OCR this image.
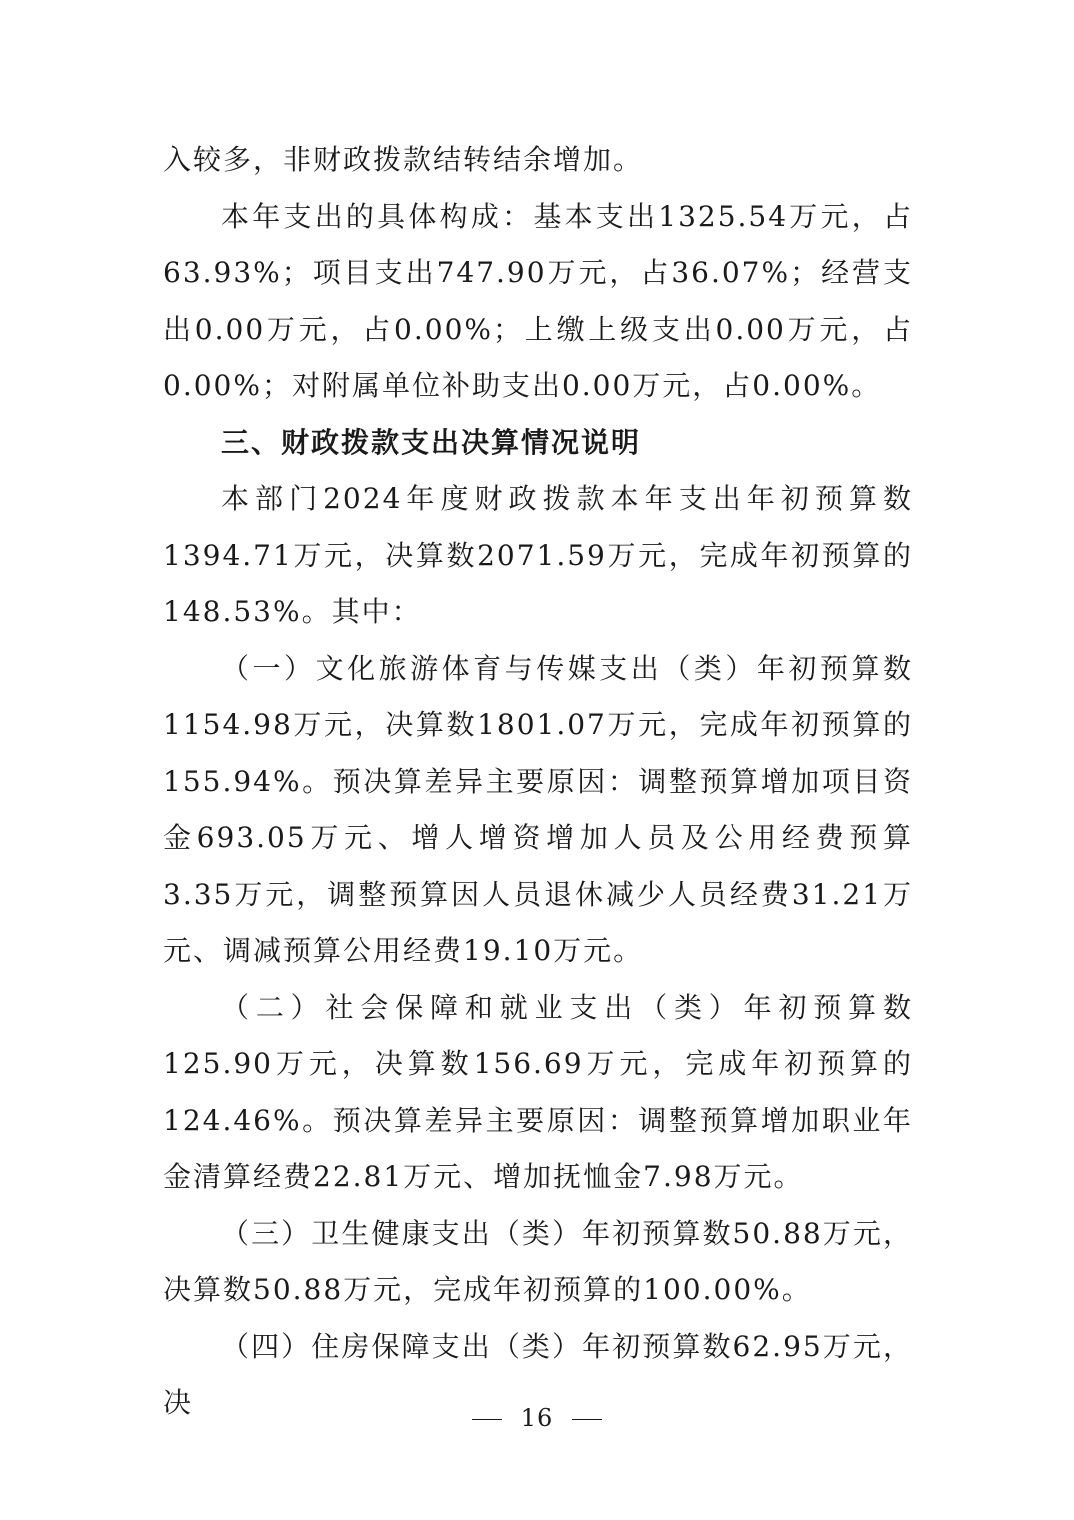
入较多，非财政拨款结转结余增加。

本年支出的具体构成：基本支出1325.54万元，占63.93%；项目支出747.90万元，占36.07%；经营支出0.00万元，占0.00%；上缴上级支出0.00万元，占0.00%；对附属单位补助支出0.00万元，占0.00%。

三、财政拨款支出决算情况说明

本部门2024年度财政拨款本年支出年初预算数1394.71万元，决算数2071.59万元，完成年初预算的148.53%。其中：

（一）文化旅游体育与传媒支出（类）年初预算数1154.98万元，决算数1801.07万元，完成年初预算的155.94%。预决算差异主要原因：调整预算增加项目资金693.05万元、增人增资增加人员及公用经费预算3.35万元，调整预算因人员退休减少人员经费31.21万元、调减预算公用经费19.10万元。

（二）社会保障和就业支出（类）年初预算数125.90万元，决算数156.69万元，完成年初预算的124.46%。预决算差异主要原因：调整预算增加职业年金清算经费22.81万元、增加抚恤金7.98万元。

（三）卫生健康支出（类）年初预算数50.88万元，决算数50.88万元，完成年初预算的100.00%。

（四）住房保障支出（类）年初预算数62.95万元，决	16
